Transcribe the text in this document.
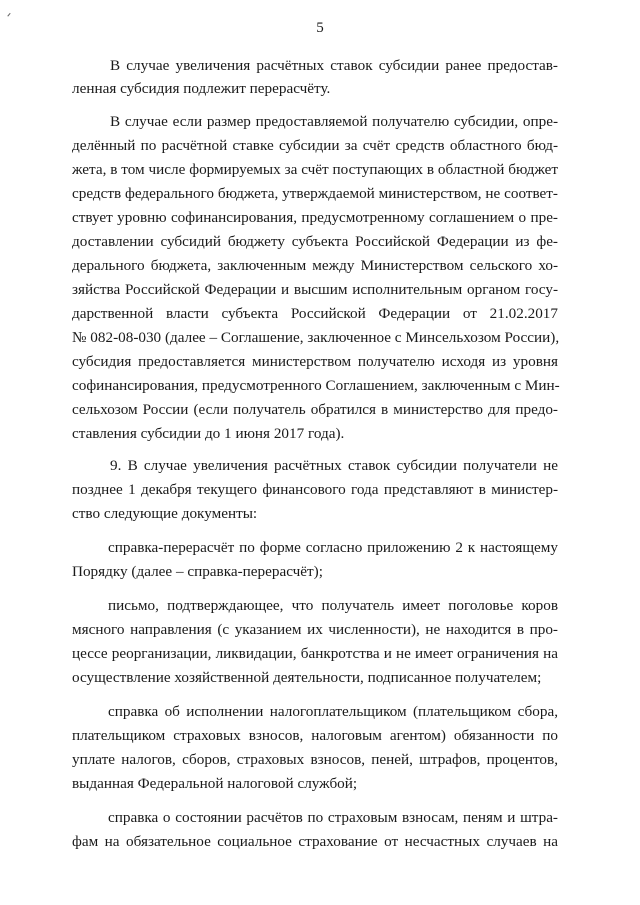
5
В случае увеличения расчётных ставок субсидии ранее предостав-
ленная субсидия подлежит перерасчёту.
В случае если размер предоставляемой получателю субсидии, опре-
делённый по расчётной ставке субсидии за счёт средств областного бюд-
жета, в том числе формируемых за счёт поступающих в областной бюджет
средств федерального бюджета, утверждаемой министерством, не соответ-
ствует уровню софинансирования, предусмотренному соглашением о пре-
доставлении субсидий бюджету субъекта Российской Федерации из фе-
дерального бюджета, заключенным между Министерством сельского хо-
зяйства Российской Федерации и высшим исполнительным органом госу-
дарственной власти субъекта Российской Федерации от 21.02.2017
№ 082-08-030 (далее – Соглашение, заключенное с Минсельхозом России),
субсидия предоставляется министерством получателю исходя из уровня
софинансирования, предусмотренного Соглашением, заключенным с Мин-
сельхозом России (если получатель обратился в министерство для предо-
ставления субсидии до 1 июня 2017 года).
9. В случае увеличения расчётных ставок субсидии получатели не
позднее 1 декабря текущего финансового года представляют в министер-
ство следующие документы:
справка-перерасчёт по форме согласно приложению 2 к настоящему
Порядку (далее – справка-перерасчёт);
письмо, подтверждающее, что получатель имеет поголовье коров
мясного направления (с указанием их численности), не находится в про-
цессе реорганизации, ликвидации, банкротства и не имеет ограничения на
осуществление хозяйственной деятельности, подписанное получателем;
справка об исполнении налогоплательщиком (плательщиком сбора,
плательщиком страховых взносов, налоговым агентом) обязанности по
уплате налогов, сборов, страховых взносов, пеней, штрафов, процентов,
выданная Федеральной налоговой службой;
справка о состоянии расчётов по страховым взносам, пеням и штра-
фам на обязательное социальное страхование от несчастных случаев на
